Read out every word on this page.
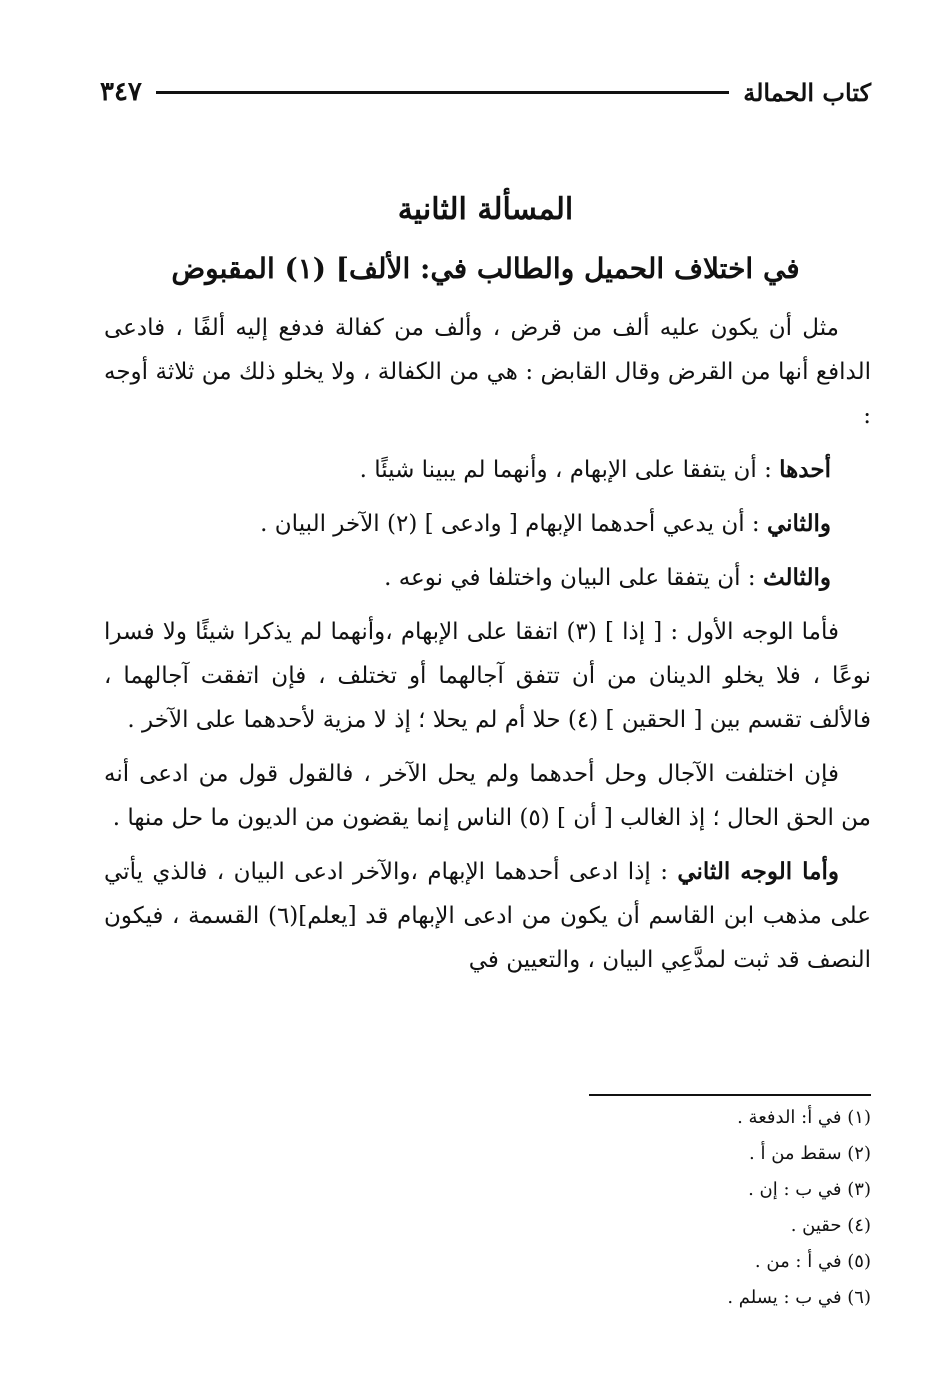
كتاب الحمالة
٣٤٧
المسألة الثانية
في اختلاف الحميل والطالب في: الألف] (١) المقبوض

مثل أن يكون عليه ألف من قرض ، وألف من كفالة فدفع إليه ألفًا ، فادعى الدافع أنها من القرض وقال القابض : هي من الكفالة ، ولا يخلو ذلك من ثلاثة أوجه :

أحدها : أن يتفقا على الإبهام ، وأنهما لم يبينا شيئًا .

والثاني : أن يدعي أحدهما الإبهام [ وادعى ] (٢) الآخر البيان .

والثالث : أن يتفقا على البيان واختلفا في نوعه .

فأما الوجه الأول : [ إذا ] (٣) اتفقا على الإبهام ،وأنهما لم يذكرا شيئًا ولا فسرا نوعًا ، فلا يخلو الدينان من أن تتفق آجالهما أو تختلف ، فإن اتفقت آجالهما ، فالألف تقسم بين [ الحقين ] (٤) حلا أم لم يحلا ؛ إذ لا مزية لأحدهما على الآخر .

فإن اختلفت الآجال وحل أحدهما ولم يحل الآخر ، فالقول قول من ادعى أنه من الحق الحال ؛ إذ الغالب [ أن ] (٥) الناس إنما يقضون من الديون ما حل منها .

وأما الوجه الثاني : إذا ادعى أحدهما الإبهام ،والآخر ادعى البيان ، فالذي يأتي على مذهب ابن القاسم أن يكون من ادعى الإبهام قد [يعلم](٦) القسمة ، فيكون النصف قد ثبت لمدَّعِي البيان ، والتعيين في

(١) في أ: الدفعة .
(٢) سقط من أ .
(٣) في ب : إن .
(٤) حقين .
(٥) في أ : من .
(٦) في ب : يسلم .
